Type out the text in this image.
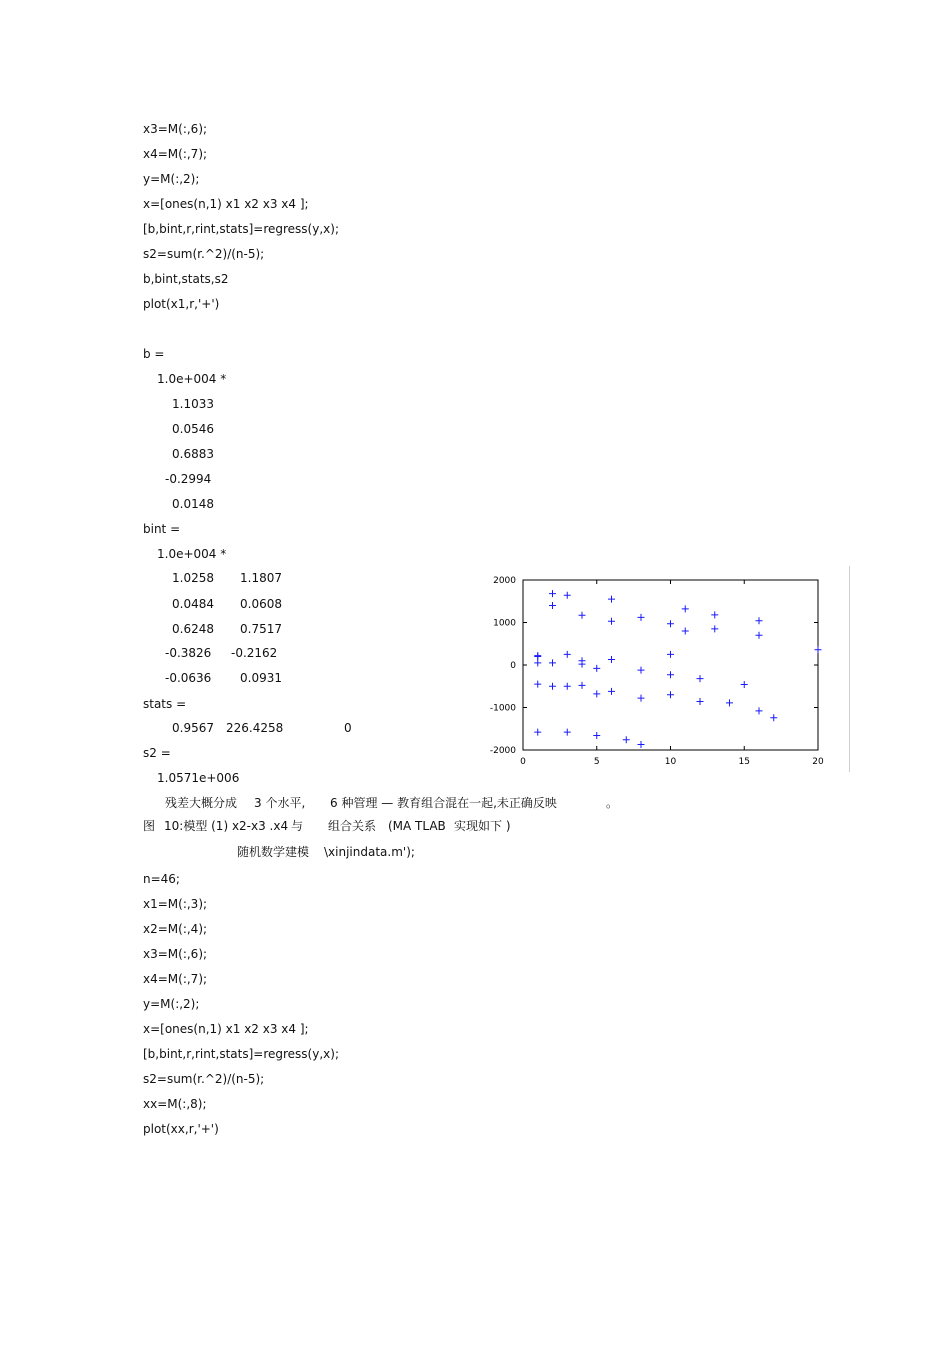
x3=M(:,6);
x4=M(:,7);
y=M(:,2);
x=[ones(n,1) x1 x2 x3 x4 ];
[b,bint,r,rint,stats]=regress(y,x);
s2=sum(r.^2)/(n-5);
b,bint,stats,s2
plot(x1,r,'+')
b =
1.0e+004 *
1.1033
0.0546
0.6883
-0.2994
0.0148
bint =
1.0e+004 *
1.0258 1.1807
0.0484 0.0608
0.6248 0.7517
-0.3826 -0.2162
-0.0636 0.0931
stats =
0.9567 226.4258	0
s2 =
1.0571e+006
残差大概分成 3 个水平, 6 种管理 — 教育组合混在一起,未正确反映	。
图 10:模型 (1) x2-x3 .x4 与 组合关系 (MA TLAB 实现如下 )
随机数学建模 \xinjindata.m');
n=46;
x1=M(:,3);
x2=M(:,4);
x3=M(:,6);
x4=M(:,7);
y=M(:,2);
x=[ones(n,1) x1 x2 x3 x4 ];
[b,bint,r,rint,stats]=regress(y,x);
s2=sum(r.^2)/(n-5);
xx=M(:,8);
plot(xx,r,'+')
0	5	10	15	20
2000
1000
0
-1000
-2000
